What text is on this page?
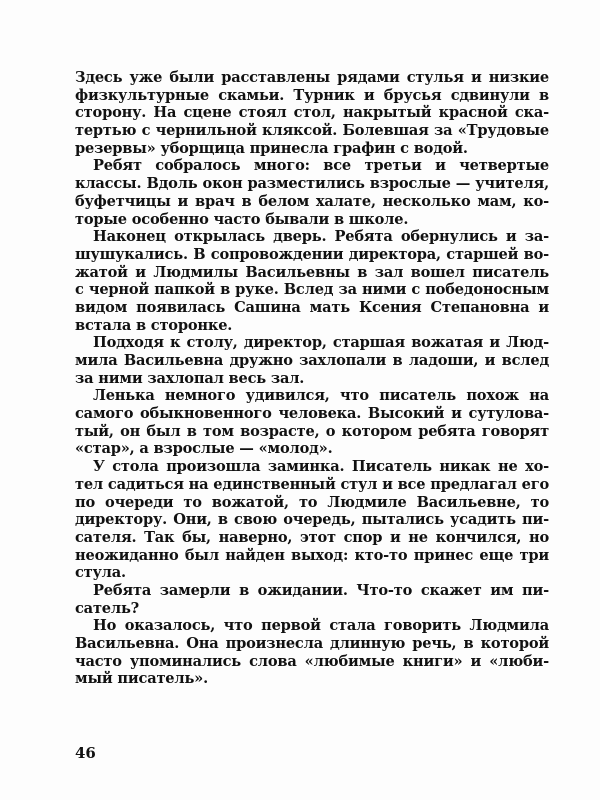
Здесь уже были расставлены рядами стулья и низкие
физкультурные скамьи. Турник и брусья сдвинули в
сторону. На сцене стоял стол, накрытый красной ска-
тертью с чернильной кляксой. Болевшая за «Трудовые
резервы» уборщица принесла графин с водой.
Ребят собралось много: все третьи и четвертые
классы. Вдоль окон разместились взрослые — учителя,
буфетчицы и врач в белом халате, несколько мам, ко-
торые особенно часто бывали в школе.
Наконец открылась дверь. Ребята обернулись и за-
шушукались. В сопровождении директора, старшей во-
жатой и Людмилы Васильевны в зал вошел писатель
с черной папкой в руке. Вслед за ними с победоносным
видом появилась Сашина мать Ксения Степановна и
встала в сторонке.
Подходя к столу, директор, старшая вожатая и Люд-
мила Васильевна дружно захлопали в ладоши, и вслед
за ними захлопал весь зал.
Ленька немного удивился, что писатель похож на
самого обыкновенного человека. Высокий и сутулова-
тый, он был в том возрасте, о котором ребята говорят
«стар», а взрослые — «молод».
У стола произошла заминка. Писатель никак не хо-
тел садиться на единственный стул и все предлагал его
по очереди то вожатой, то Людмиле Васильевне, то
директору. Они, в свою очередь, пытались усадить пи-
сателя. Так бы, наверно, этот спор и не кончился, но
неожиданно был найден выход: кто-то принес еще три
стула.
Ребята замерли в ожидании. Что-то скажет им пи-
сатель?
Но оказалось, что первой стала говорить Людмила
Васильевна. Она произнесла длинную речь, в которой
часто упоминались слова «любимые книги» и «люби-
мый писатель».
46
